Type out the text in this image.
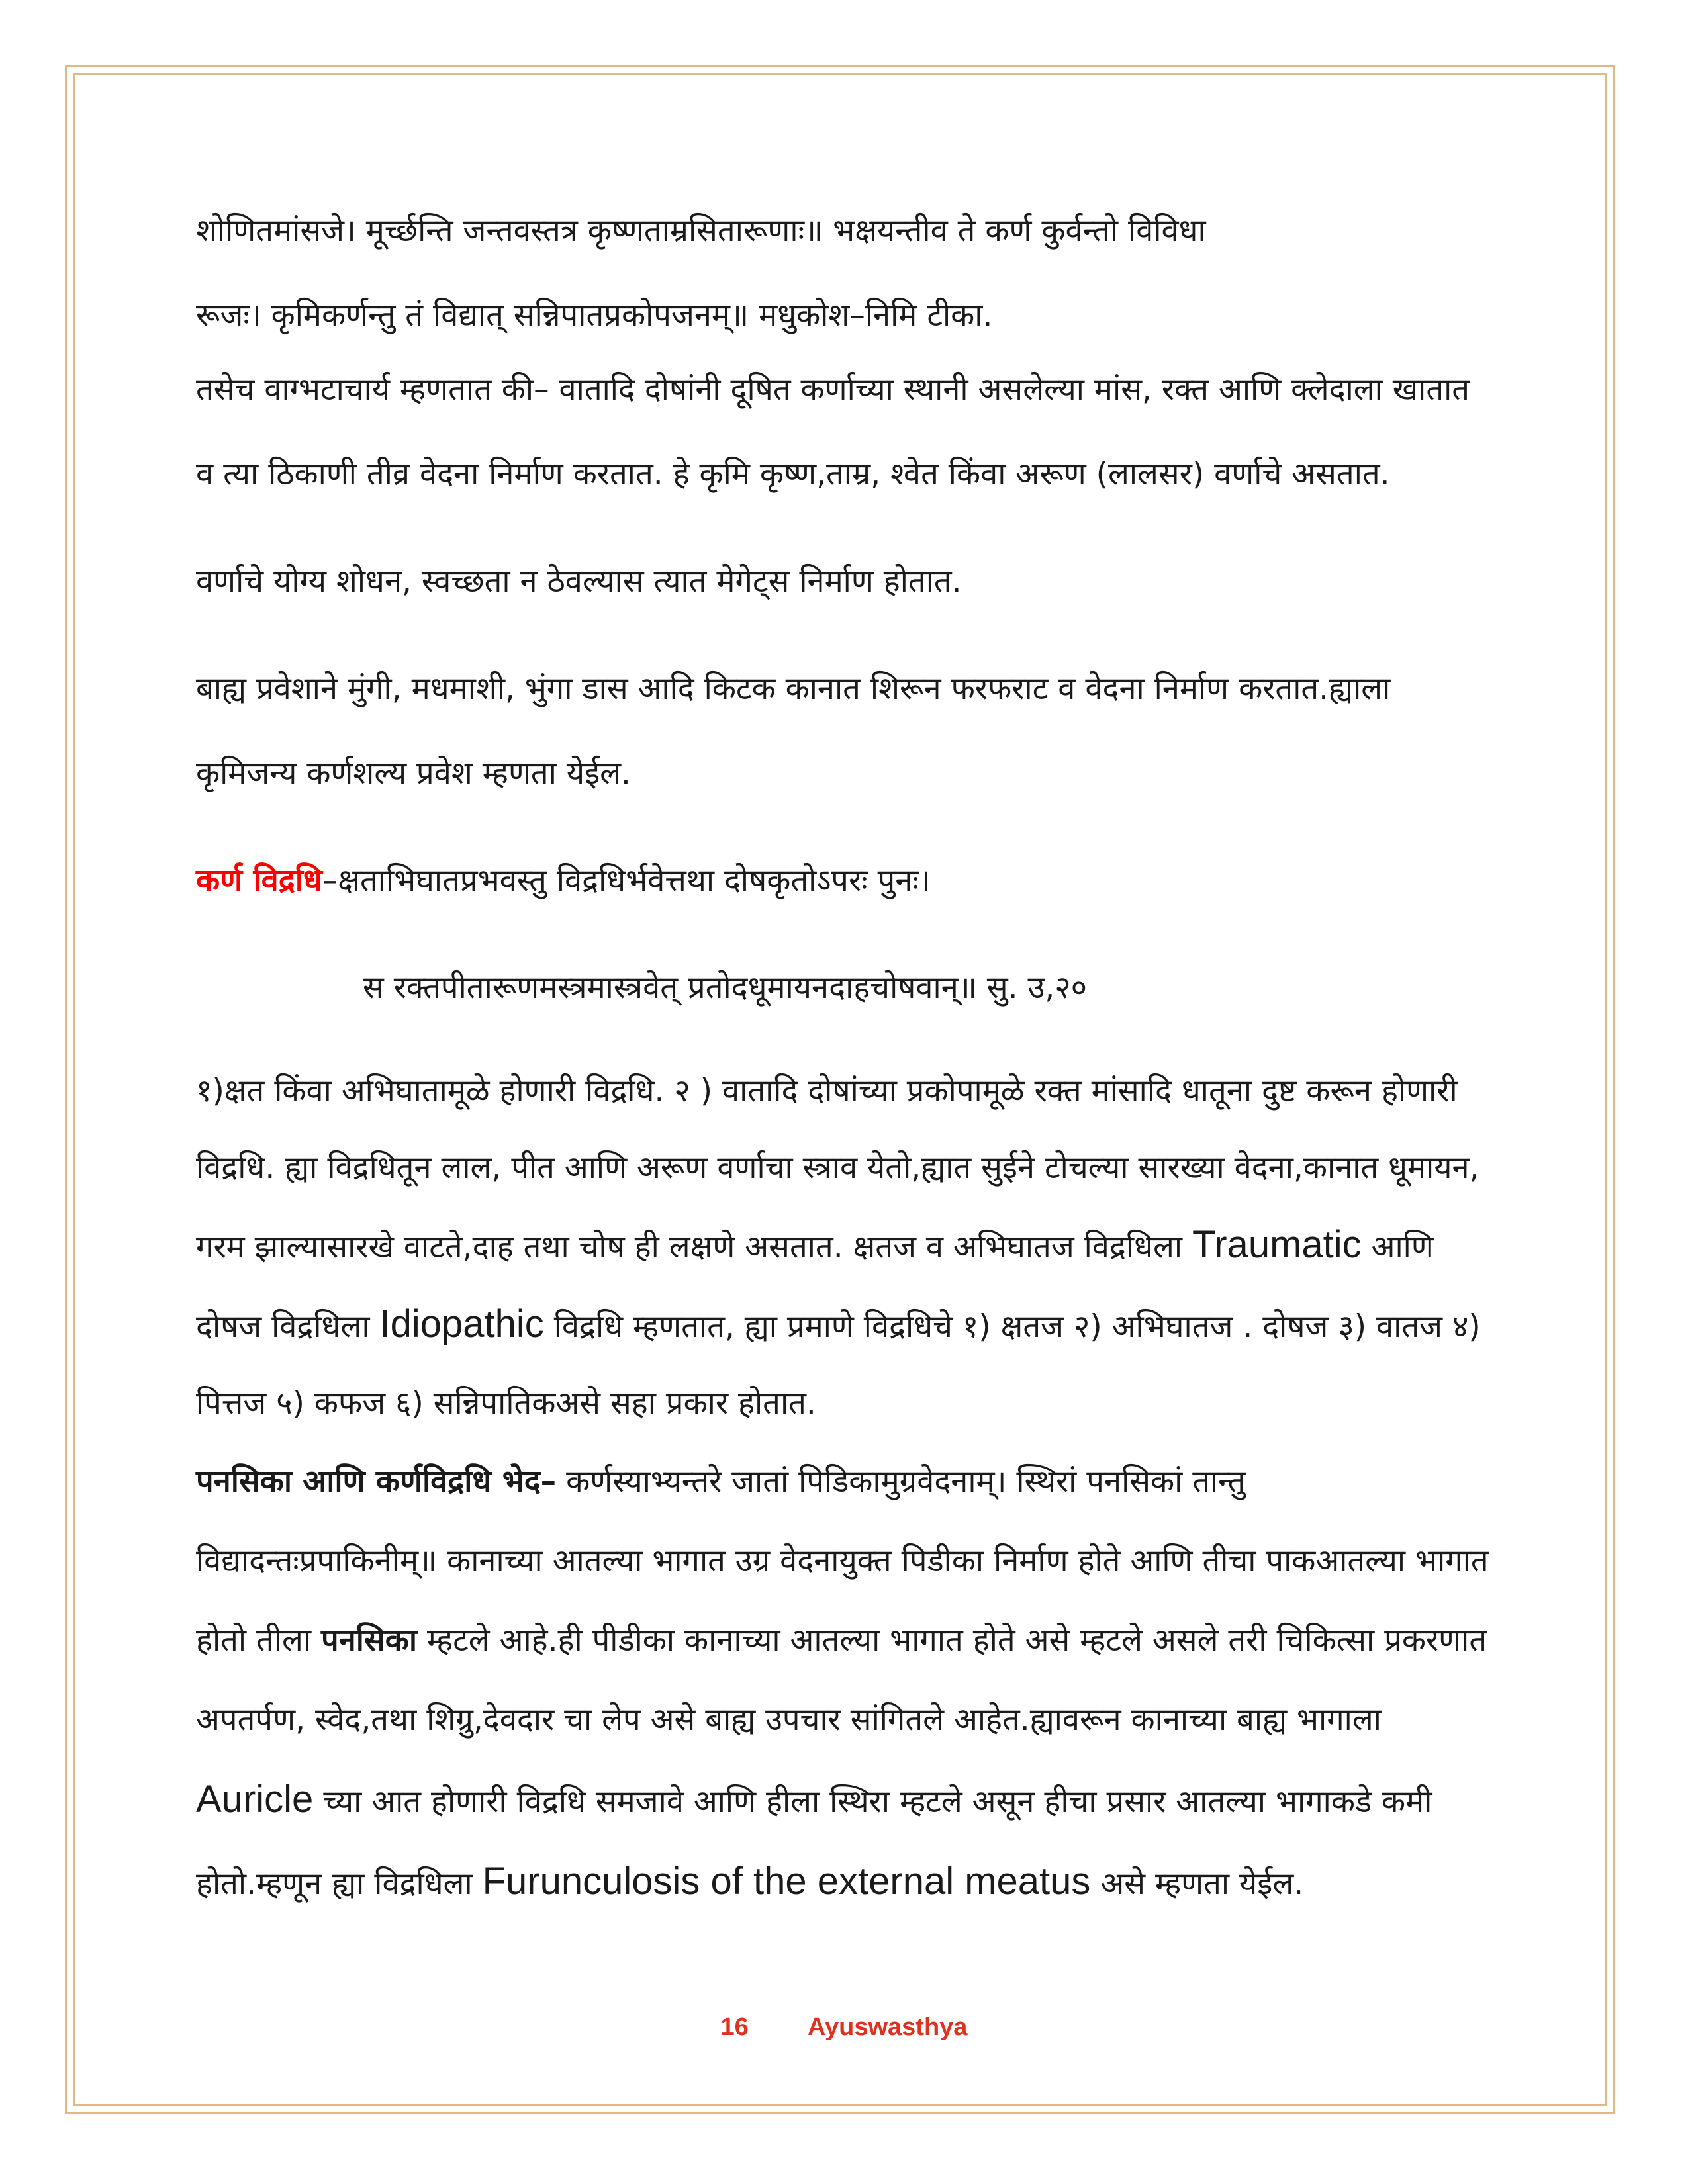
शोणितमांसजे। मूर्च्छन्ति जन्तवस्तत्र कृष्णताम्रसितारूणाः॥ भक्षयन्तीव ते कर्ण कुर्वन्तो विविधा
रूजः। कृमिकर्णन्तु तं विद्यात् सन्निपातप्रकोपजनम्॥ मधुकोश–निमि टीका.

तसेच वाग्भटाचार्य म्हणतात की– वातादि दोषांनी दूषित कर्णाच्या स्थानी असलेल्या मांस, रक्त आणि क्लेदाला खातात व त्या ठिकाणी तीव्र वेदना निर्माण करतात. हे कृमि कृष्ण,ताम्र, श्वेत किंवा अरूण (लालसर) वर्णाचे असतात.

वर्णाचे योग्य शोधन, स्वच्छता न ठेवल्यास त्यात मेगेट्स निर्माण होतात.

बाह्य प्रवेशाने मुंगी, मधमाशी, भुंगा डास आदि किटक कानात शिरून फरफराट व वेदना निर्माण करतात.ह्याला कृमिजन्य कर्णशल्य प्रवेश म्हणता येईल.

कर्ण विद्रधि–क्षताभिघातप्रभवस्तु विद्रधिर्भवेत्तथा दोषकृतोऽपरः पुनः।

स रक्तपीतारूणमस्त्रमास्त्रवेत् प्रतोदधूमायनदाहचोषवान्॥ सु. उ,२०

१)क्षत किंवा अभिघातामूळे होणारी विद्रधि. २ ) वातादि दोषांच्या प्रकोपामूळे रक्त मांसादि धातूना दुष्ट करून होणारी विद्रधि. ह्या विद्रधितून लाल, पीत आणि अरूण वर्णाचा स्त्राव येतो,ह्यात सुईने टोचल्या सारख्या वेदना,कानात धूमायन, गरम झाल्यासारखे वाटते,दाह तथा चोष ही लक्षणे असतात. क्षतज व अभिघातज विद्रधिला Traumatic आणि दोषज विद्रधिला Idiopathic विद्रधि म्हणतात, ह्या प्रमाणे विद्रधिचे १) क्षतज २) अभिघातज . दोषज ३) वातज ४) पित्तज ५) कफज ६) सन्निपातिकअसे सहा प्रकार होतात.

पनसिका आणि कर्णविद्रधि भेद– कर्णस्याभ्यन्तरे जातां पिडिकामुग्रवेदनाम्। स्थिरां पनसिकां तान्तु विद्यादन्तःप्रपाकिनीम्॥ कानाच्या आतल्या भागात उग्र वेदनायुक्त पिडीका निर्माण होते आणि तीचा पाकआतल्या भागात होतो तीला पनसिका म्हटले आहे.ही पीडीका कानाच्या आतल्या भागात होते असे म्हटले असले तरी चिकित्सा प्रकरणात अपतर्पण, स्वेद,तथा शिग्रु,देवदार चा लेप असे बाह्य उपचार सांगितले आहेत.ह्यावरून कानाच्या बाह्य भागाला Auricle च्या आत होणारी विद्रधि समजावे आणि हीला स्थिरा म्हटले असून हीचा प्रसार आतल्या भागाकडे कमी होतो.म्हणून ह्या विद्रधिला Furunculosis of the external meatus असे म्हणता येईल.

16 Ayuswasthya
